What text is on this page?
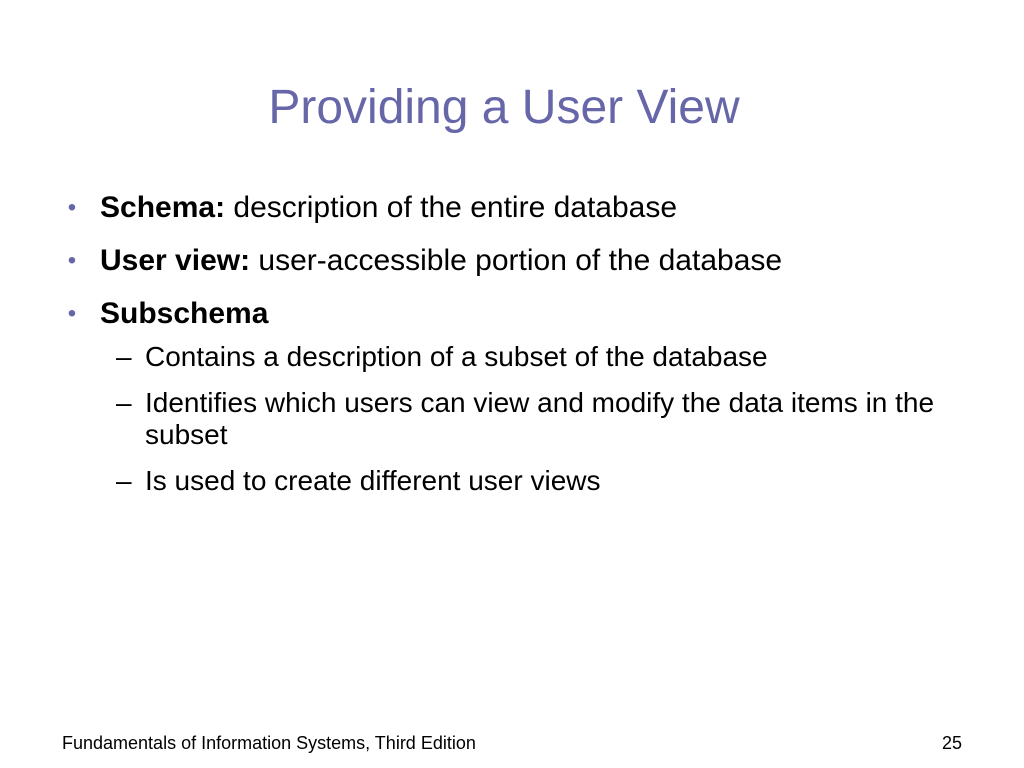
Providing a User View
• Schema: description of the entire database
• User view: user-accessible portion of the database
• Subschema
– Contains a description of a subset of the database
– Identifies which users can view and modify the data items in the subset
– Is used to create different user views
Fundamentals of Information Systems, Third Edition	25
